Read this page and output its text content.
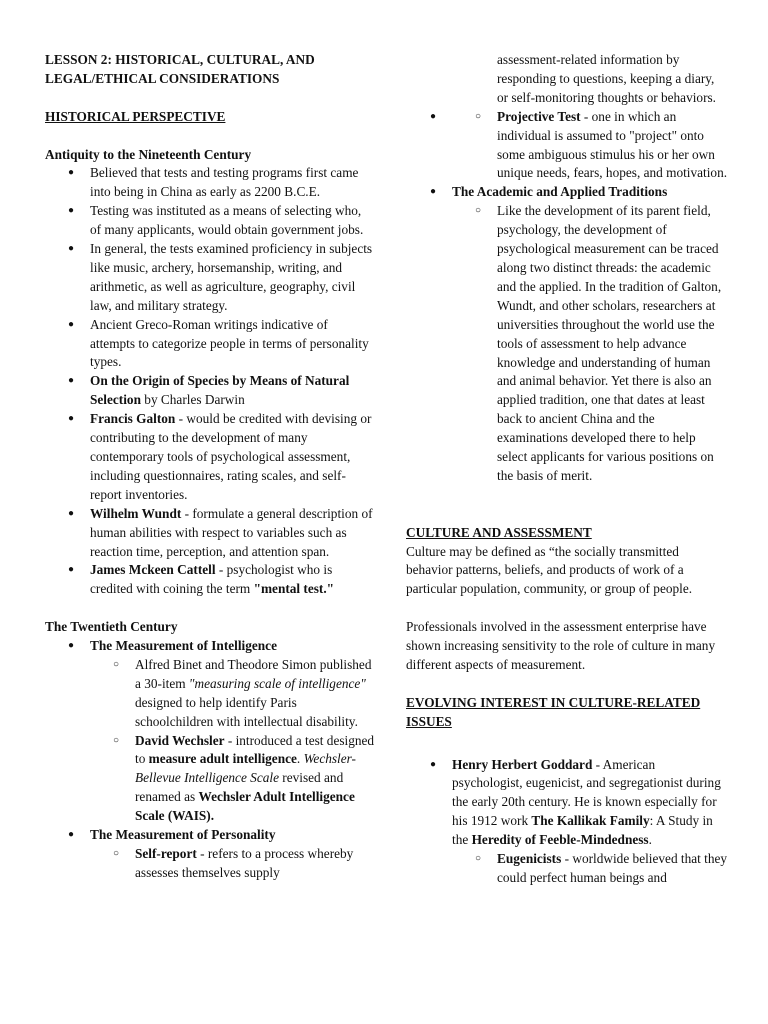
LESSON 2: HISTORICAL, CULTURAL, AND LEGAL/ETHICAL CONSIDERATIONS

HISTORICAL PERSPECTIVE

Antiquity to the Nineteenth Century

● Believed that tests and testing programs first came into being in China as early as 2200 B.C.E.
● Testing was instituted as a means of selecting who, of many applicants, would obtain government jobs.
● In general, the tests examined proficiency in subjects like music, archery, horsemanship, writing, and arithmetic, as well as agriculture, geography, civil law, and military strategy.
● Ancient Greco-Roman writings indicative of attempts to categorize people in terms of personality types.
● On the Origin of Species by Means of Natural Selection by Charles Darwin
● Francis Galton - would be credited with devising or contributing to the development of many contemporary tools of psychological assessment, including questionnaires, rating scales, and self-report inventories.
● Wilhelm Wundt - formulate a general description of human abilities with respect to variables such as reaction time, perception, and attention span.
● James Mckeen Cattell - psychologist who is credited with coining the term "mental test."

The Twentieth Century

● The Measurement of Intelligence
○ Alfred Binet and Theodore Simon published a 30-item "measuring scale of intelligence" designed to help identify Paris schoolchildren with intellectual disability.
○ David Wechsler - introduced a test designed to measure adult intelligence. Wechsler-Bellevue Intelligence Scale revised and renamed as Wechsler Adult Intelligence Scale (WAIS).
● The Measurement of Personality
○ Self-report - refers to a process whereby assesses themselves supply

assessment-related information by responding to questions, keeping a diary, or self-monitoring thoughts or behaviors.

○ ● Projective Test - one in which an individual is assumed to "project" onto some ambiguous stimulus his or her own unique needs, fears, hopes, and motivation.
● The Academic and Applied Traditions
○ Like the development of its parent field, psychology, the development of psychological measurement can be traced along two distinct threads: the academic and the applied. In the tradition of Galton, Wundt, and other scholars, researchers at universities throughout the world use the tools of assessment to help advance knowledge and understanding of human and animal behavior. Yet there is also an applied tradition, one that dates at least back to ancient China and the examinations developed there to help select applicants for various positions on the basis of merit.

CULTURE AND ASSESSMENT

Culture may be defined as “the socially transmitted behavior patterns, beliefs, and products of work of a particular population, community, or group of people.

Professionals involved in the assessment enterprise have shown increasing sensitivity to the role of culture in many different aspects of measurement.

EVOLVING INTEREST IN CULTURE-RELATED ISSUES

● Henry Herbert Goddard - American psychologist, eugenicist, and segregationist during the early 20th century. He is known especially for his 1912 work The Kallikak Family: A Study in the Heredity of Feeble-Mindedness.
○ Eugenicists - worldwide believed that they could perfect human beings and
